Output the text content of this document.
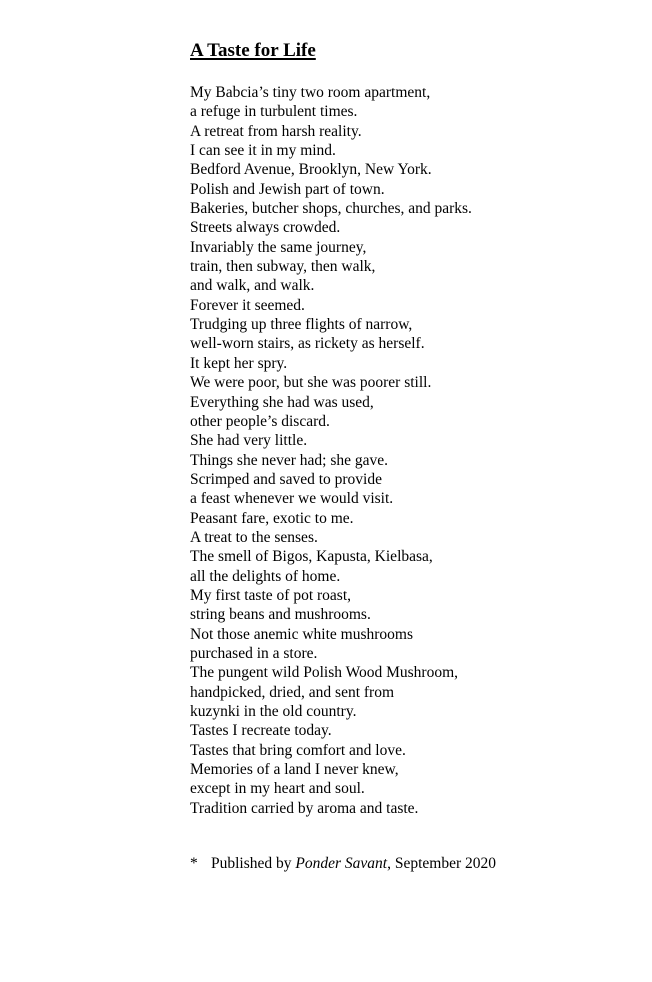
A Taste for Life
My Babcia’s tiny two room apartment,
a refuge in turbulent times.
A retreat from harsh reality.
I can see it in my mind.
Bedford Avenue, Brooklyn, New York.
Polish and Jewish part of town.
Bakeries, butcher shops, churches, and parks.
Streets always crowded.
Invariably the same journey,
train, then subway, then walk,
and walk, and walk.
Forever it seemed.
Trudging up three flights of narrow,
well-worn stairs, as rickety as herself.
It kept her spry.
We were poor, but she was poorer still.
Everything she had was used,
other people’s discard.
She had very little.
Things she never had; she gave.
Scrimped and saved to provide
a feast whenever we would visit.
Peasant fare, exotic to me.
A treat to the senses.
The smell of Bigos, Kapusta, Kielbasa,
all the delights of home.
My first taste of pot roast,
string beans and mushrooms.
Not those anemic white mushrooms
purchased in a store.
The pungent wild Polish Wood Mushroom,
handpicked, dried, and sent from
kuzynki in the old country.
Tastes I recreate today.
Tastes that bring comfort and love.
Memories of a land I never knew,
except in my heart and soul.
Tradition carried by aroma and taste.
* Published by Ponder Savant, September 2020
